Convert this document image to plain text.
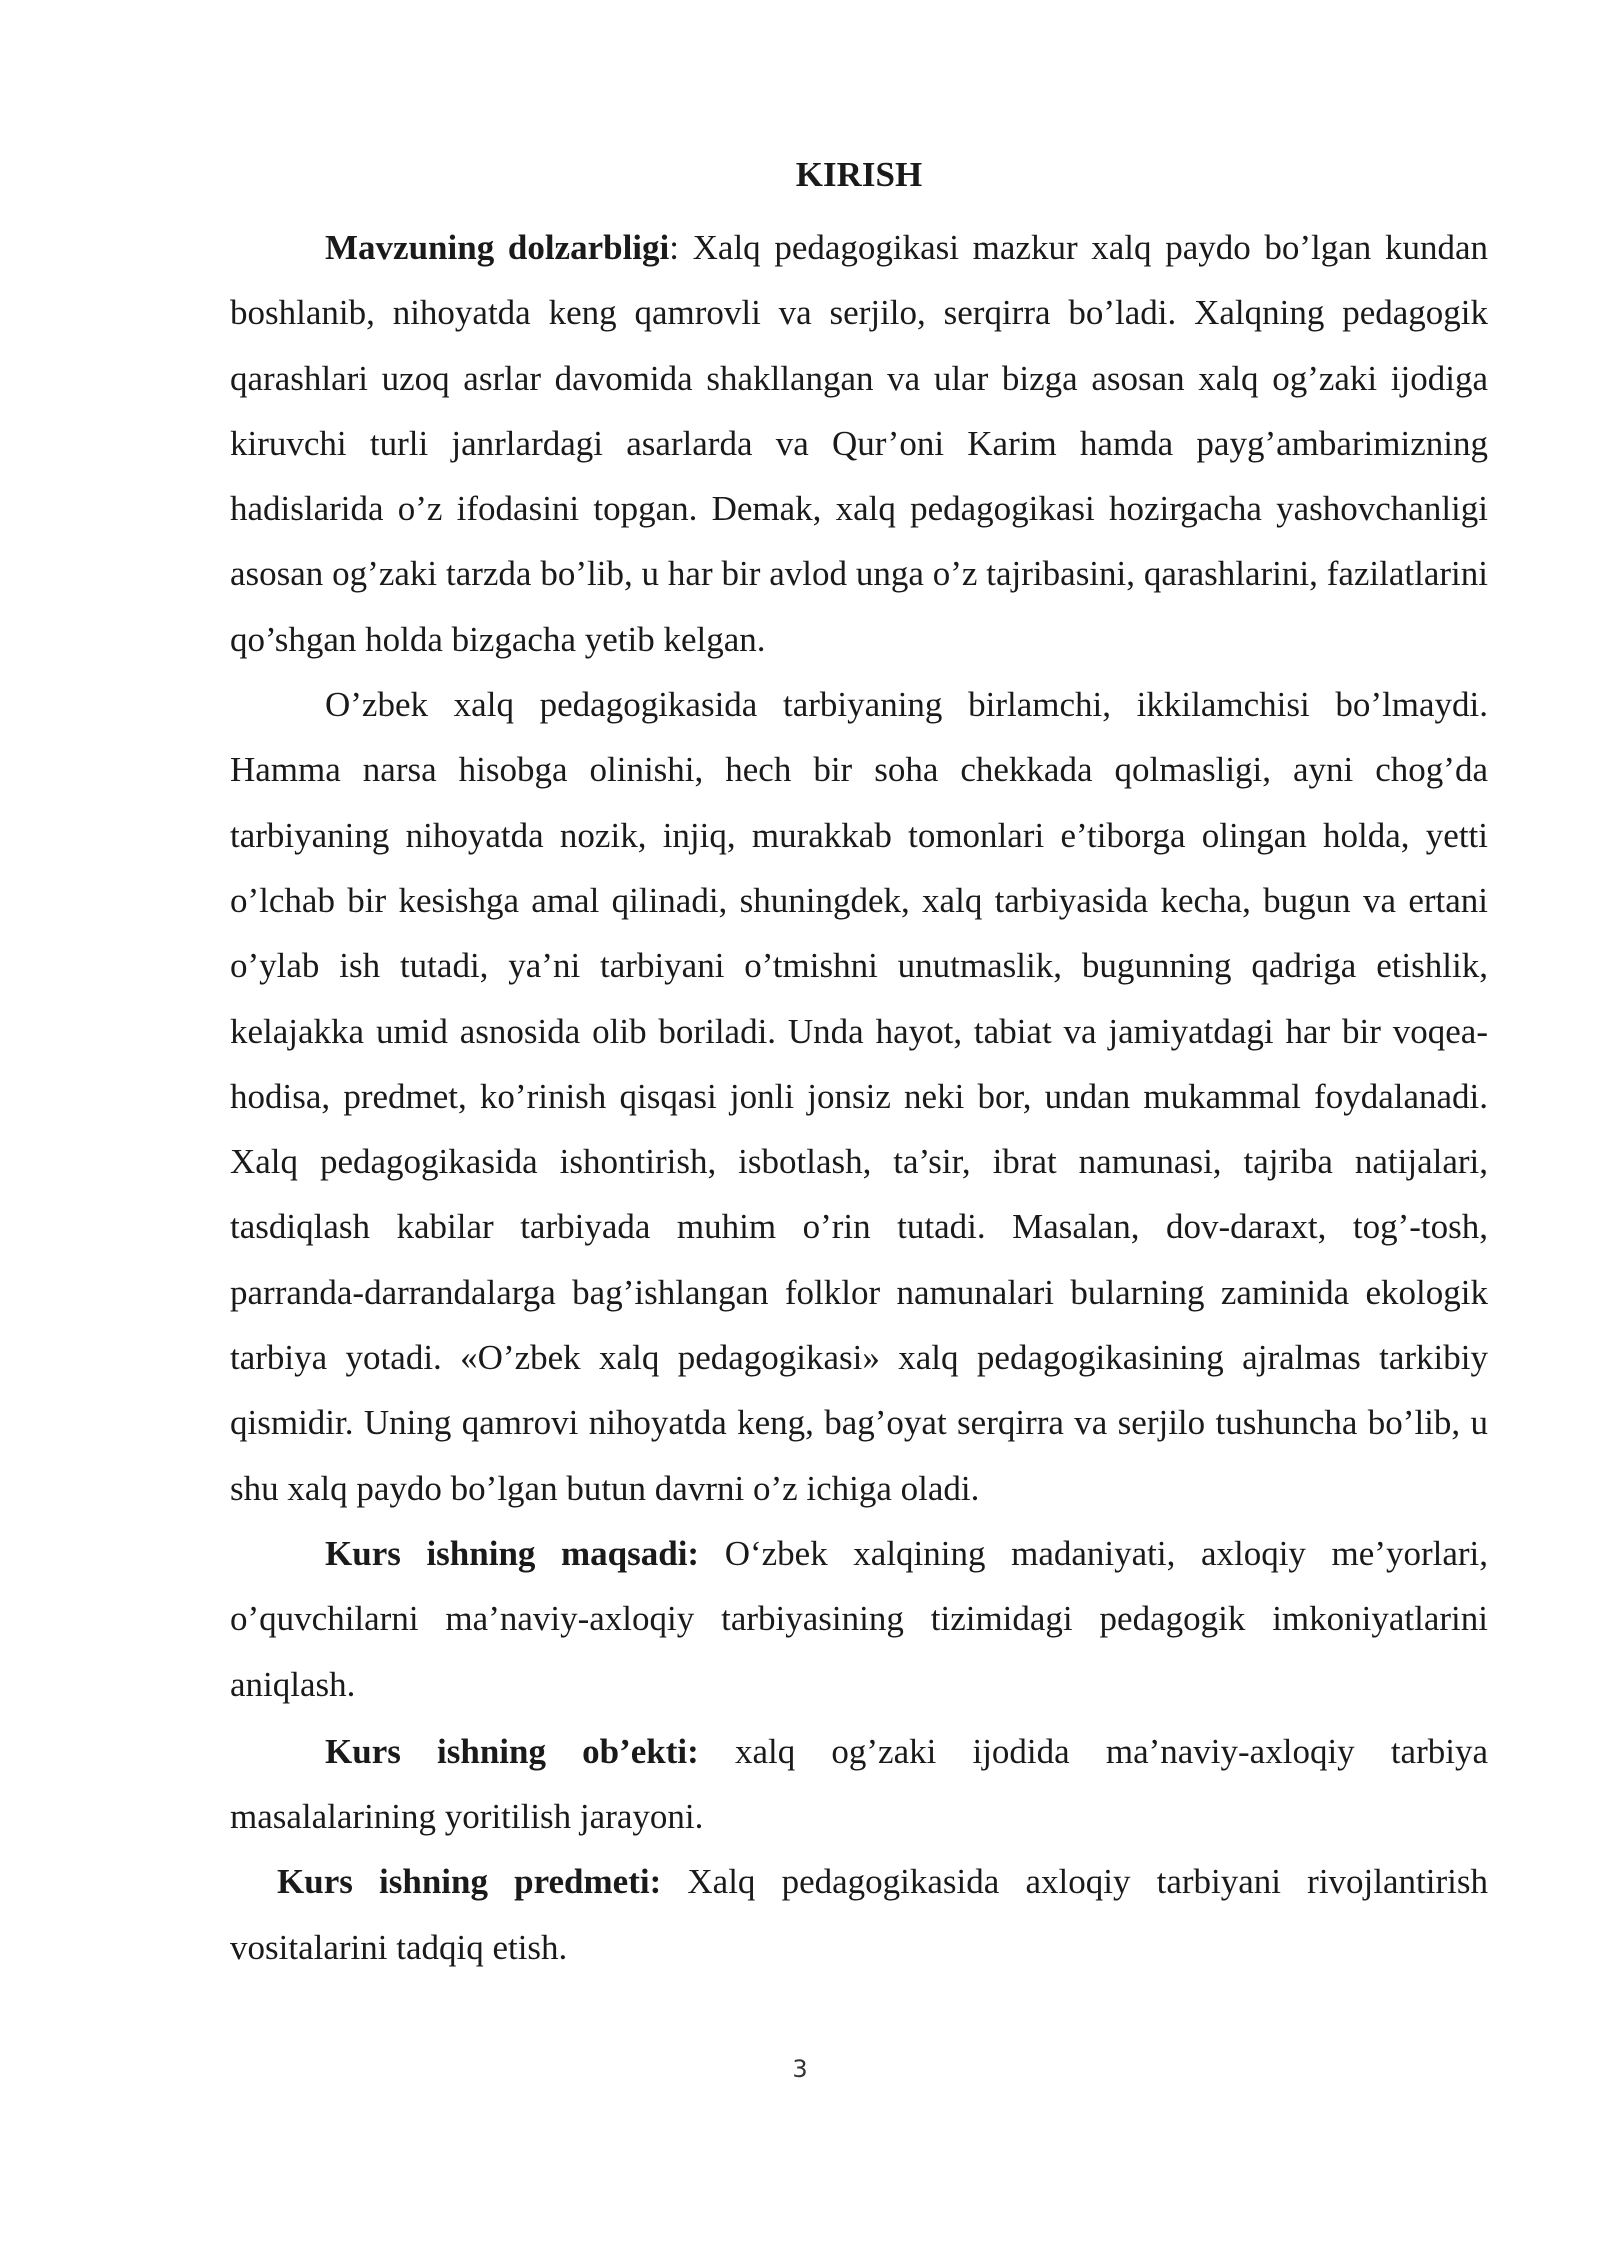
KIRISH

Mavzuning dolzarbligi: Xalq pedagogikasi mazkur xalq paydo bo’lgan kundan boshlanib, nihoyatda keng qamrovli va serjilo, serqirra bo’ladi. Xalqning pedagogik qarashlari uzoq asrlar davomida shakllangan va ular bizga asosan xalq og’zaki ijodiga kiruvchi turli janrlardagi asarlarda va Qur’oni Karim hamda payg’ambarimizning hadislarida o’z ifodasini topgan. Demak, xalq pedagogikasi hozirgacha yashovchanligi asosan og’zaki tarzda bo’lib, u har bir avlod unga o’z tajribasini, qarashlarini, fazilatlarini qo’shgan holda bizgacha yetib kelgan.

O’zbek xalq pedagogikasida tarbiyaning birlamchi, ikkilamchisi bo’lmaydi. Hamma narsa hisobga olinishi, hech bir soha chekkada qolmasligi, ayni chog’da tarbiyaning nihoyatda nozik, injiq, murakkab tomonlari e’tiborga olingan holda, yetti o’lchab bir kesishga amal qilinadi, shuningdek, xalq tarbiyasida kecha, bugun va ertani o’ylab ish tutadi, ya’ni tarbiyani o’tmishni unutmaslik, bugunning qadriga etishlik, kelajakka umid asnosida olib boriladi. Unda hayot, tabiat va jamiyatdagi har bir voqea-hodisa, predmet, ko’rinish qisqasi jonli jonsiz neki bor, undan mukammal foydalanadi. Xalq pedagogikasida ishontirish, isbotlash, ta’sir, ibrat namunasi, tajriba natijalari, tasdiqlash kabilar tarbiyada muhim o’rin tutadi. Masalan, dov-daraxt, tog’-tosh, parranda-darrandalarga bag’ishlangan folklor namunalari bularning zaminida ekologik tarbiya yotadi. «O’zbek xalq pedagogikasi» xalq pedagogikasining ajralmas tarkibiy qismidir. Uning qamrovi nihoyatda keng, bag’oyat serqirra va serjilo tushuncha bo’lib, u shu xalq paydo bo’lgan butun davrni o’z ichiga oladi.

Kurs ishning maqsadi: O‘zbek xalqining madaniyati, axloqiy me’yorlari, o’quvchilarni ma’naviy-axloqiy tarbiyasining tizimidagi pedagogik imkoniyatlarini aniqlash.

Kurs ishning ob’ekti: xalq og’zaki ijodida ma’naviy-axloqiy tarbiya masalalarining yoritilish jarayoni.

Kurs ishning predmeti: Xalq pedagogikasida axloqiy tarbiyani rivojlantirish vositalarini tadqiq etish.

3
